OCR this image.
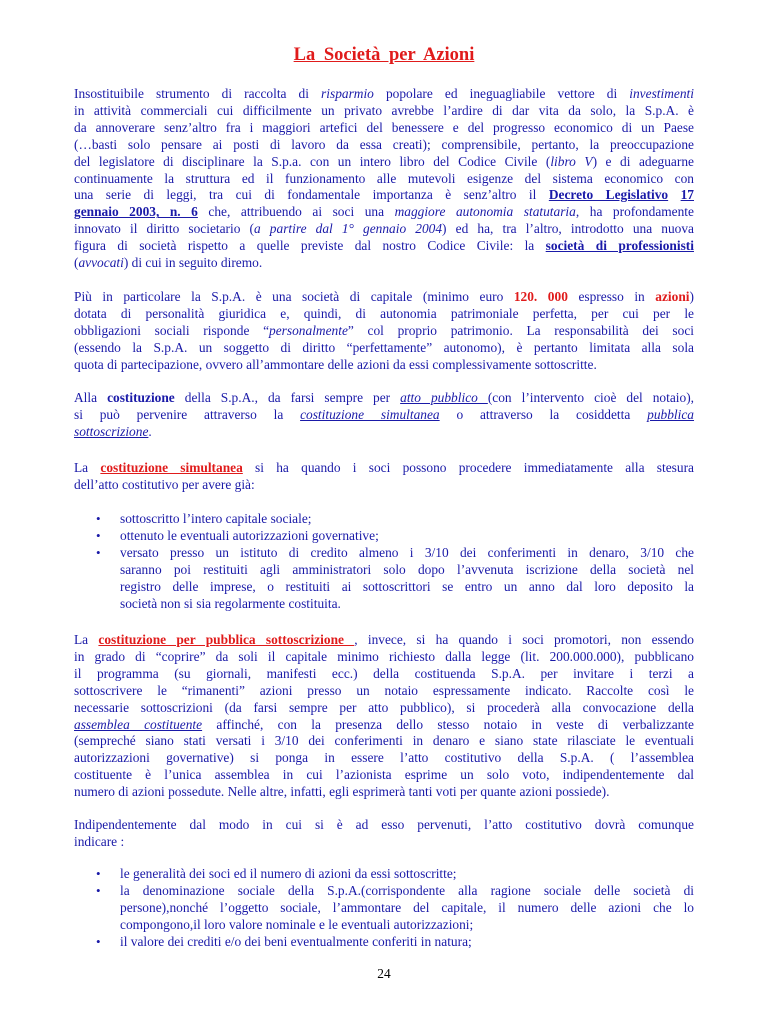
La Società per Azioni
Insostituibile strumento di raccolta di risparmio popolare ed ineguagliabile vettore di investimenti
in attività commerciali cui difficilmente un privato avrebbe l’ardire di dar vita da solo, la S.p.A. è
da annoverare senz’altro fra i maggiori artefici del benessere e del progresso economico di un Paese
(…basti solo pensare ai posti di lavoro da essa creati); comprensibile, pertanto, la preoccupazione
del legislatore di disciplinare la S.p.a. con un intero libro del Codice Civile (libro V) e di adeguarne
continuamente la struttura ed il funzionamento alle mutevoli esigenze del sistema economico con
una serie di leggi, tra cui di fondamentale importanza è senz’altro il Decreto Legislativo 17
gennaio 2003, n. 6 che, attribuendo ai soci una maggiore autonomia statutaria, ha profondamente
innovato il diritto societario (a partire dal 1° gennaio 2004) ed ha, tra l’altro, introdotto una nuova
figura di società rispetto a quelle previste dal nostro Codice Civile: la società di professionisti
(avvocati) di cui in seguito diremo.
Più in particolare la S.p.A. è una società di capitale (minimo euro 120. 000 espresso in azioni)
dotata di personalità giuridica e, quindi, di autonomia patrimoniale perfetta, per cui per le
obbligazioni sociali risponde “personalmente” col proprio patrimonio. La responsabilità dei soci
(essendo la S.p.A. un soggetto di diritto “perfettamente” autonomo), è pertanto limitata alla sola
quota di partecipazione, ovvero all’ammontare delle azioni da essi complessivamente sottoscritte.
Alla costituzione della S.p.A., da farsi sempre per atto pubblico (con l’intervento cioè del notaio),
si può pervenire attraverso la costituzione simultanea o attraverso la cosiddetta pubblica
sottoscrizione.
La costituzione simultanea si ha quando i soci possono procedere immediatamente alla stesura
dell’atto costitutivo per avere già:
• sottoscritto l’intero capitale sociale;
• ottenuto le eventuali autorizzazioni governative;
• versato presso un istituto di credito almeno i 3/10 dei conferimenti in denaro, 3/10 che
saranno poi restituiti agli amministratori solo dopo l’avvenuta iscrizione della società nel
registro delle imprese, o restituiti ai sottoscrittori se entro un anno dal loro deposito la
società non si sia regolarmente costituita.
La costituzione per pubblica sottoscrizione , invece, si ha quando i soci promotori, non essendo
in grado di “coprire” da soli il capitale minimo richiesto dalla legge (lit. 200.000.000), pubblicano
il programma (su giornali, manifesti ecc.) della costituenda S.p.A. per invitare i terzi a
sottoscrivere le “rimanenti” azioni presso un notaio espressamente indicato. Raccolte così le
necessarie sottoscrizioni (da farsi sempre per atto pubblico), si procederà alla convocazione della
assemblea costituente affinché, con la presenza dello stesso notaio in veste di verbalizzante
(sempreché siano stati versati i 3/10 dei conferimenti in denaro e siano state rilasciate le eventuali
autorizzazioni governative) si ponga in essere l’atto costitutivo della S.p.A. ( l’assemblea
costituente è l’unica assemblea in cui l’azionista esprime un solo voto, indipendentemente dal
numero di azioni possedute. Nelle altre, infatti, egli esprimerà tanti voti per quante azioni possiede).
Indipendentemente dal modo in cui si è ad esso pervenuti, l’atto costitutivo dovrà comunque
indicare :
• le generalità dei soci ed il numero di azioni da essi sottoscritte;
• la denominazione sociale della S.p.A.(corrispondente alla ragione sociale delle società di
persone),nonché l’oggetto sociale, l’ammontare del capitale, il numero delle azioni che lo
compongono,il loro valore nominale e le eventuali autorizzazioni;
• il valore dei crediti e/o dei beni eventualmente conferiti in natura;
24
